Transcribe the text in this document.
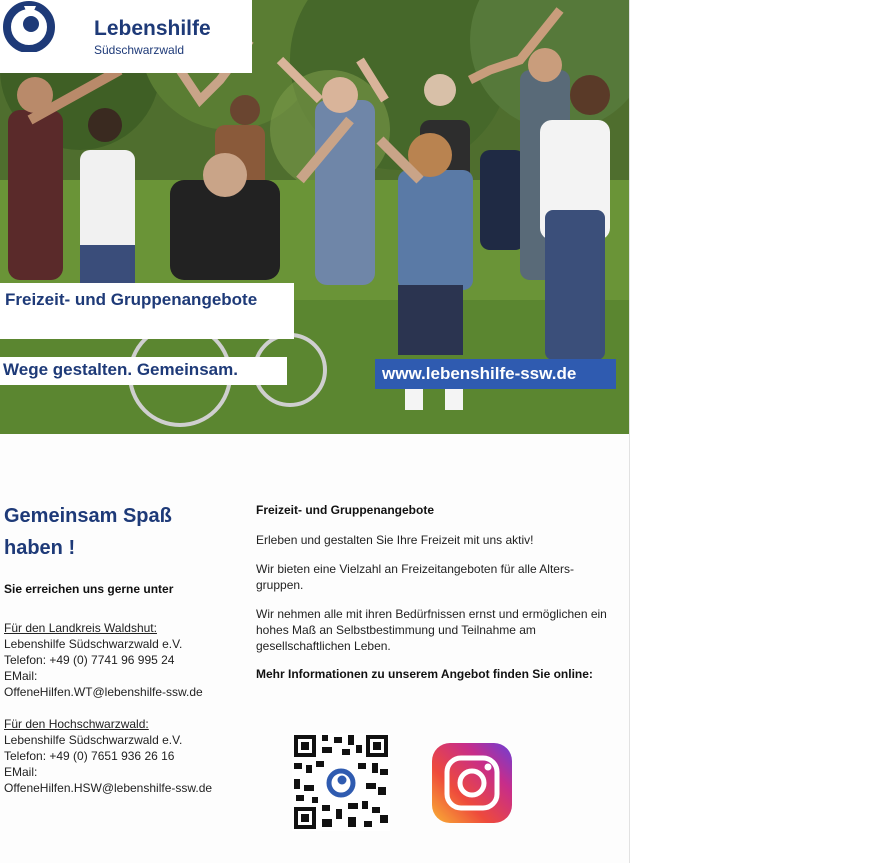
Lebenshilfe
Südschwarzwald
Freizeit- und Gruppenangebote
Wege gestalten. Gemeinsam.	www.lebenshilfe-ssw.de
Gemeinsam Spaß haben !
Sie erreichen uns gerne unter
Für den Landkreis Waldshut:
Lebenshilfe Südschwarzwald e.V.
Telefon: +49 (0) 7741 96 995 24
EMail:
OffeneHilfen.WT@lebenshilfe-ssw.de
Für den Hochschwarzwald:
Lebenshilfe Südschwarzwald e.V.
Telefon: +49 (0) 7651 936 26 16
EMail:
OffeneHilfen.HSW@lebenshilfe-ssw.de

Freizeit- und Gruppenangebote

Erleben und gestalten Sie Ihre Freizeit mit uns aktiv!

Wir bieten eine Vielzahl an Freizeitangeboten für alle Alters-gruppen.

Wir nehmen alle mit ihren Bedürfnissen ernst und ermöglichen ein hohes Maß an Selbstbestimmung und Teilnahme am gesellschaftlichen Leben.

Mehr Informationen zu unserem Angebot finden Sie online:
